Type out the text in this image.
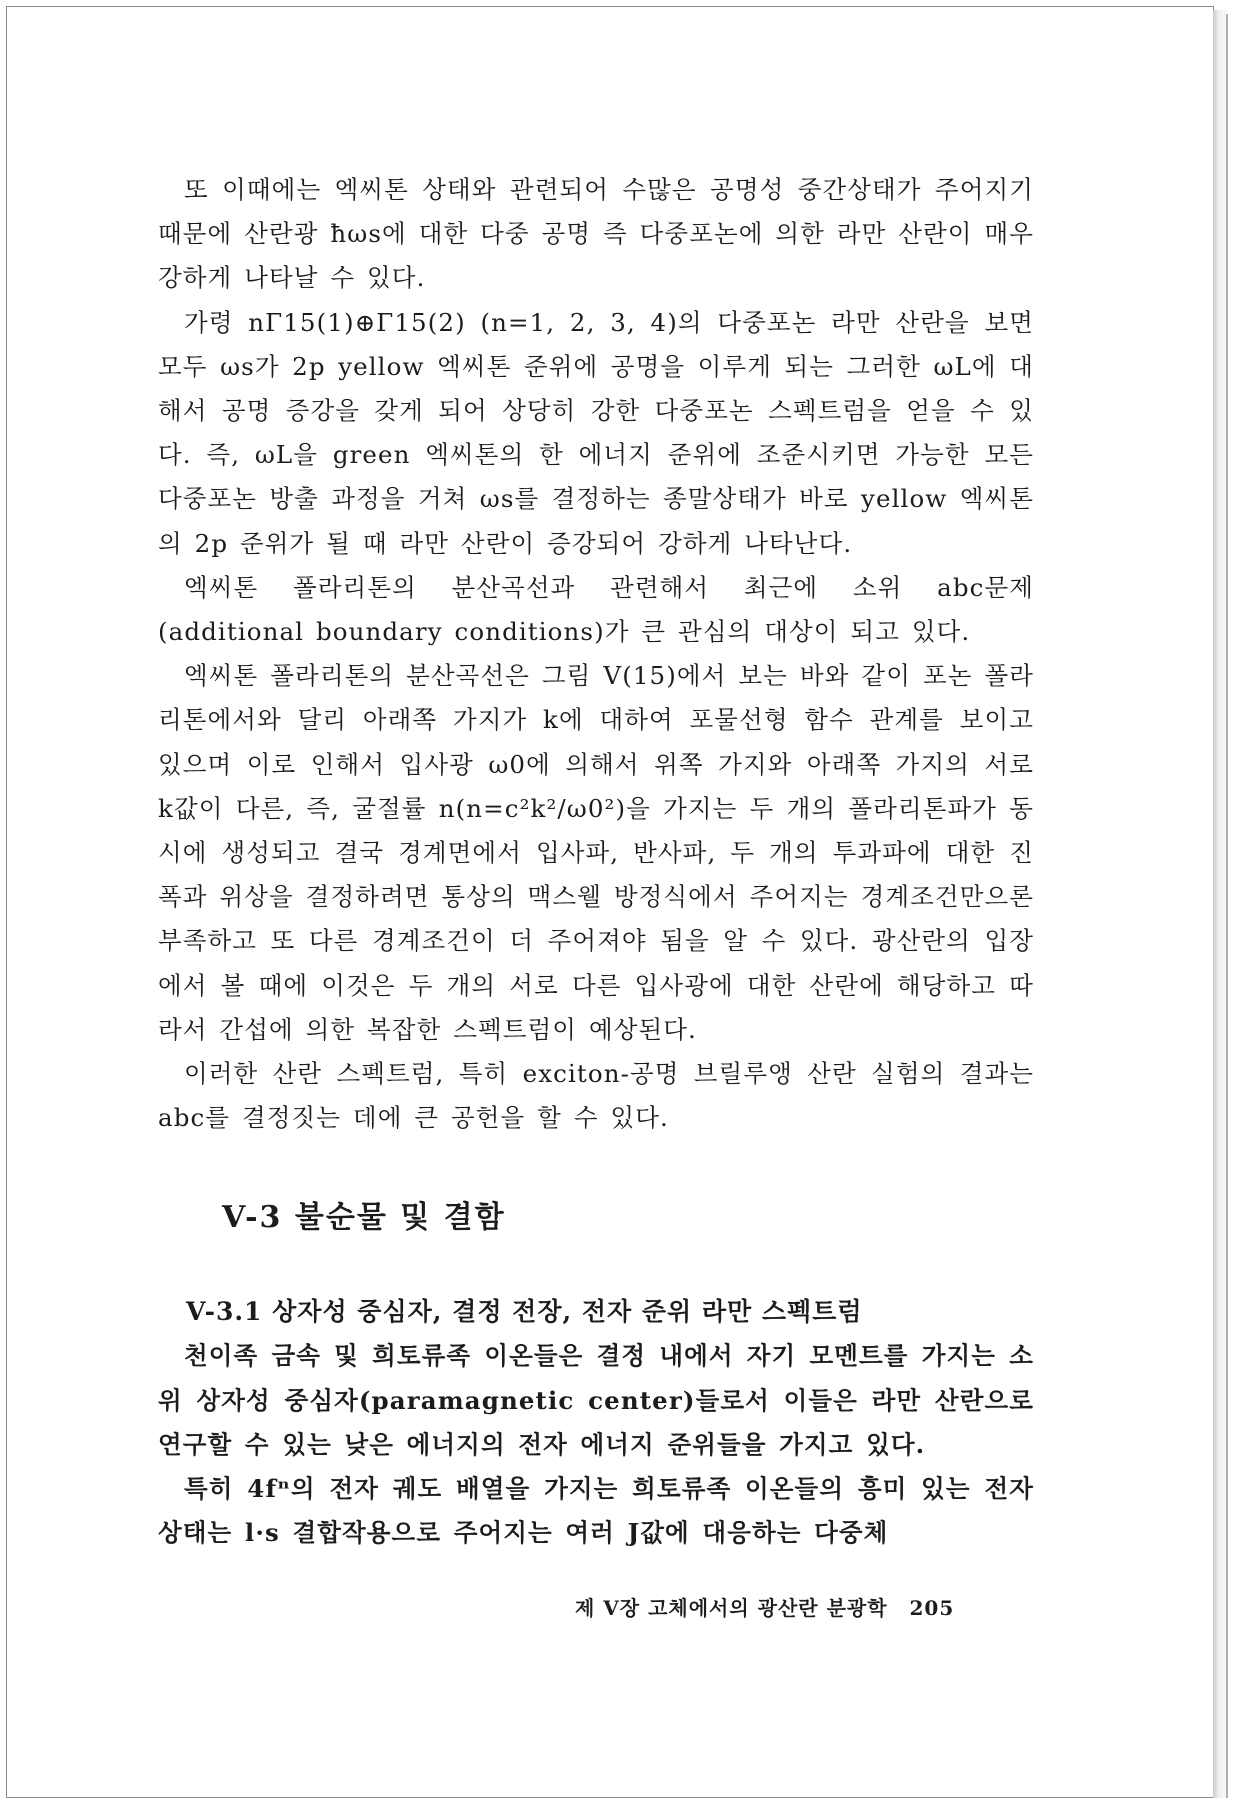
또 이때에는 엑씨톤 상태와 관련되어 수많은 공명성 중간상태가 주어지기 때문에 산란광 ħωs에 대한 다중 공명 즉 다중포논에 의한 라만 산란이 매우 강하게 나타날 수 있다.

가령 nΓ15(1)⊕Γ15(2) (n=1, 2, 3, 4)의 다중포논 라만 산란을 보면 모두 ωs가 2p yellow 엑씨톤 준위에 공명을 이루게 되는 그러한 ωL에 대해서 공명 증강을 갖게 되어 상당히 강한 다중포논 스펙트럼을 얻을 수 있다. 즉, ωL을 green 엑씨톤의 한 에너지 준위에 조준시키면 가능한 모든 다중포논 방출 과정을 거쳐 ωs를 결정하는 종말상태가 바로 yellow 엑씨톤의 2p 준위가 될 때 라만 산란이 증강되어 강하게 나타난다.

엑씨톤 폴라리톤의 분산곡선과 관련해서 최근에 소위 abc문제(additional boundary conditions)가 큰 관심의 대상이 되고 있다.

엑씨톤 폴라리톤의 분산곡선은 그림 V(15)에서 보는 바와 같이 포논 폴라리톤에서와 달리 아래쪽 가지가 k에 대하여 포물선형 함수 관계를 보이고 있으며 이로 인해서 입사광 ω0에 의해서 위쪽 가지와 아래쪽 가지의 서로 k값이 다른, 즉, 굴절률 n(n=c²k²/ω0²)을 가지는 두 개의 폴라리톤파가 동시에 생성되고 결국 경계면에서 입사파, 반사파, 두 개의 투과파에 대한 진폭과 위상을 결정하려면 통상의 맥스웰 방정식에서 주어지는 경계조건만으론 부족하고 또 다른 경계조건이 더 주어져야 됨을 알 수 있다. 광산란의 입장에서 볼 때에 이것은 두 개의 서로 다른 입사광에 대한 산란에 해당하고 따라서 간섭에 의한 복잡한 스펙트럼이 예상된다.

이러한 산란 스펙트럼, 특히 exciton-공명 브릴루앵 산란 실험의 결과는 abc를 결정짓는 데에 큰 공헌을 할 수 있다.

V-3 불순물 및 결함
V-3.1 상자성 중심자, 결정 전장, 전자 준위 라만 스펙트럼

천이족 금속 및 희토류족 이온들은 결정 내에서 자기 모멘트를 가지는 소위 상자성 중심자(paramagnetic center)들로서 이들은 라만 산란으로 연구할 수 있는 낮은 에너지의 전자 에너지 준위들을 가지고 있다.

특히 4fⁿ의 전자 궤도 배열을 가지는 희토류족 이온들의 흥미 있는 전자상태는 l·s 결합작용으로 주어지는 여러 J값에 대응하는 다중체

제 V장 고체에서의 광산란 분광학 205
